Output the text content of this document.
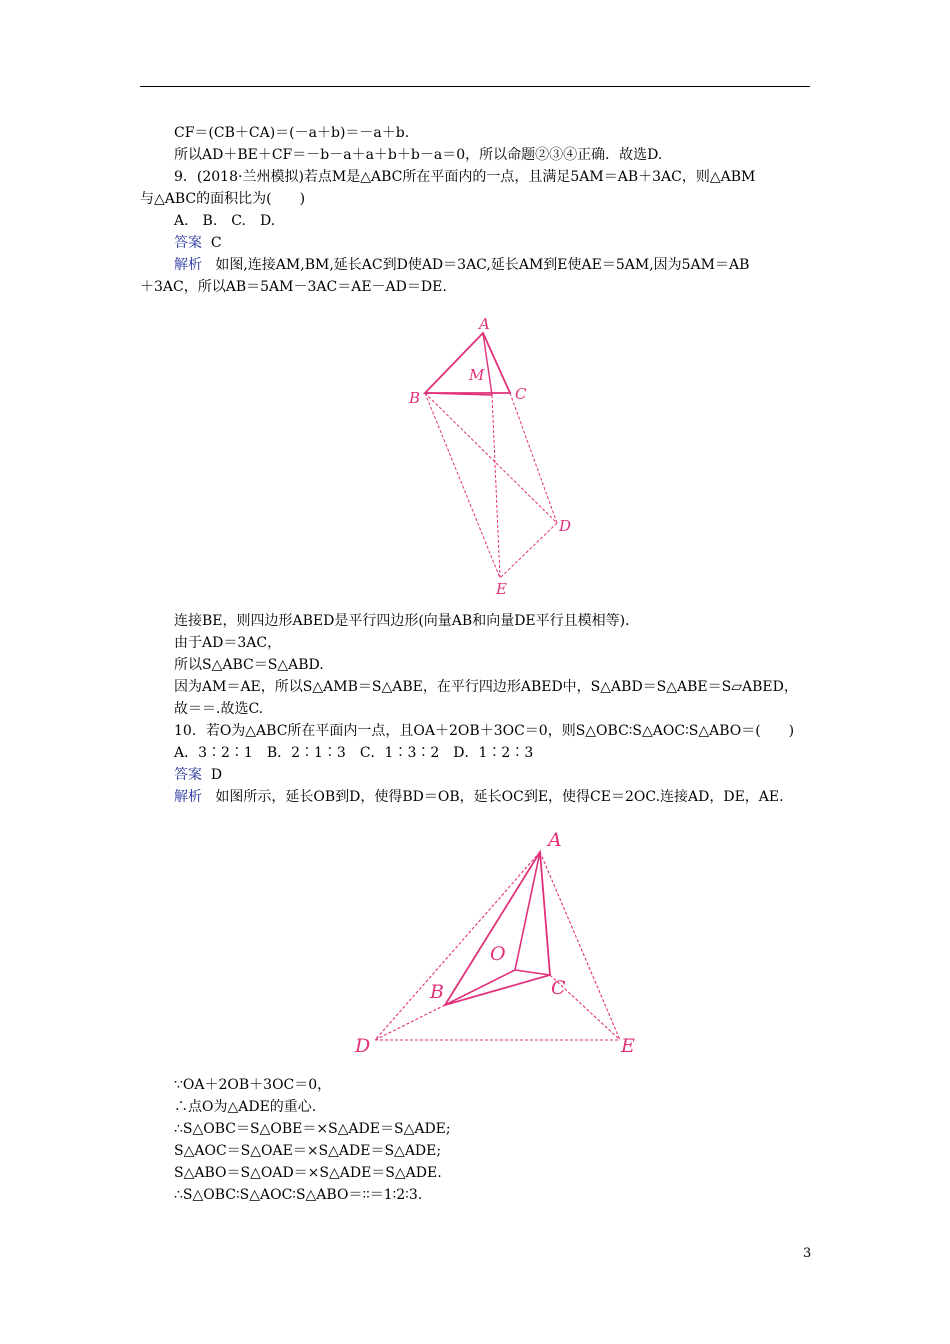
CF＝(CB＋CA)＝(－a＋b)＝－a＋b.
所以AD＋BE＋CF＝－b－a＋a＋b＋b－a＝0，所以命题②③④正确．故选D.
9．(2018·兰州模拟)若点M是△ABC所在平面内的一点，且满足5AM＝AB＋3AC，则△ABM
与△ABC的面积比为(　　)
A.　B.　C.　D.
答案 C
解析 如图,连接AM,BM,延长AC到D使AD＝3AC,延长AM到E使AE＝5AM,因为5AM＝AB
＋3AC，所以AB＝5AM－3AC＝AE－AD＝DE.
A
M
B	C
D
E
连接BE，则四边形ABED是平行四边形(向量AB和向量DE平行且模相等)．
由于AD＝3AC，
所以S△ABC＝S△ABD.
因为AM＝AE，所以S△AMB＝S△ABE，在平行四边形ABED中，S△ABD＝S△ABE＝S▱ABED，
故＝＝.故选C.
10．若O为△ABC所在平面内一点，且OA＋2OB＋3OC＝0，则S△OBC∶S△AOC∶S△ABO＝(　　)
A．3∶2∶1　B．2∶1∶3　C．1∶3∶2　D．1∶2∶3
答案 D
解析 如图所示，延长OB到D，使得BD＝OB，延长OC到E，使得CE＝2OC.连接AD，DE，AE.
A
O
B	C
D	E
∵OA＋2OB＋3OC＝0，
∴点O为△ADE的重心．
∴S△OBC＝S△OBE＝×S△ADE＝S△ADE;
S△AOC＝S△OAE＝×S△ADE＝S△ADE;
S△ABO＝S△OAD＝×S△ADE＝S△ADE.
∴S△OBC∶S△AOC∶S△ABO＝∶∶＝1∶2∶3.
3
